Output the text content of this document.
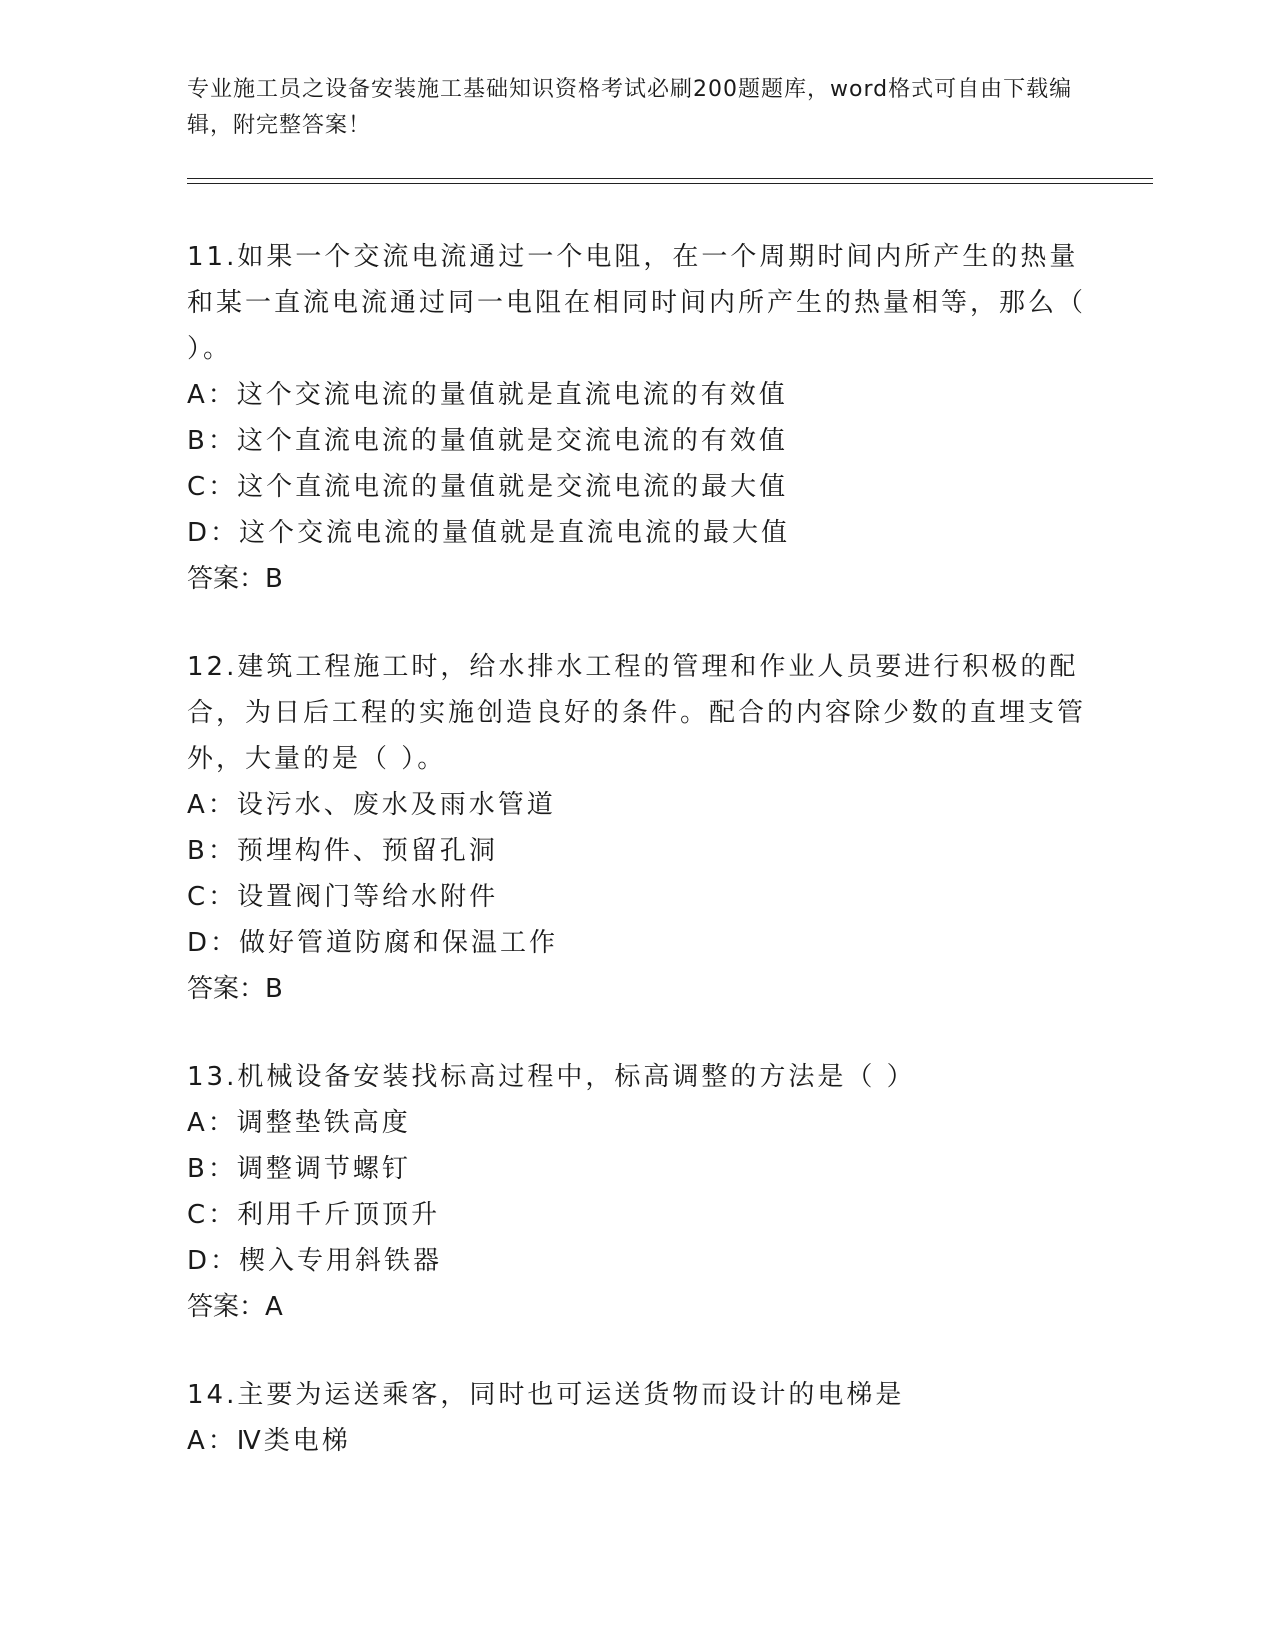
专业施工员之设备安装施工基础知识资格考试必刷200题题库，word格式可自由下载编辑，附完整答案！

11.如果一个交流电流通过一个电阻，在一个周期时间内所产生的热量和某一直流电流通过同一电阻在相同时间内所产生的热量相等，那么（ ）。

A：这个交流电流的量值就是直流电流的有效值

B：这个直流电流的量值就是交流电流的有效值

C：这个直流电流的量值就是交流电流的最大值

D：这个交流电流的量值就是直流电流的最大值

答案：B

12.建筑工程施工时，给水排水工程的管理和作业人员要进行积极的配合，为日后工程的实施创造良好的条件。配合的内容除少数的直埋支管外，大量的是（ ）。

A：设污水、废水及雨水管道

B：预埋构件、预留孔洞

C：设置阀门等给水附件

D：做好管道防腐和保温工作

答案：B

13.机械设备安装找标高过程中，标高调整的方法是（ ）

A：调整垫铁高度

B：调整调节螺钉

C：利用千斤顶顶升

D：楔入专用斜铁器

答案：A

14.主要为运送乘客，同时也可运送货物而设计的电梯是

A：Ⅳ类电梯
